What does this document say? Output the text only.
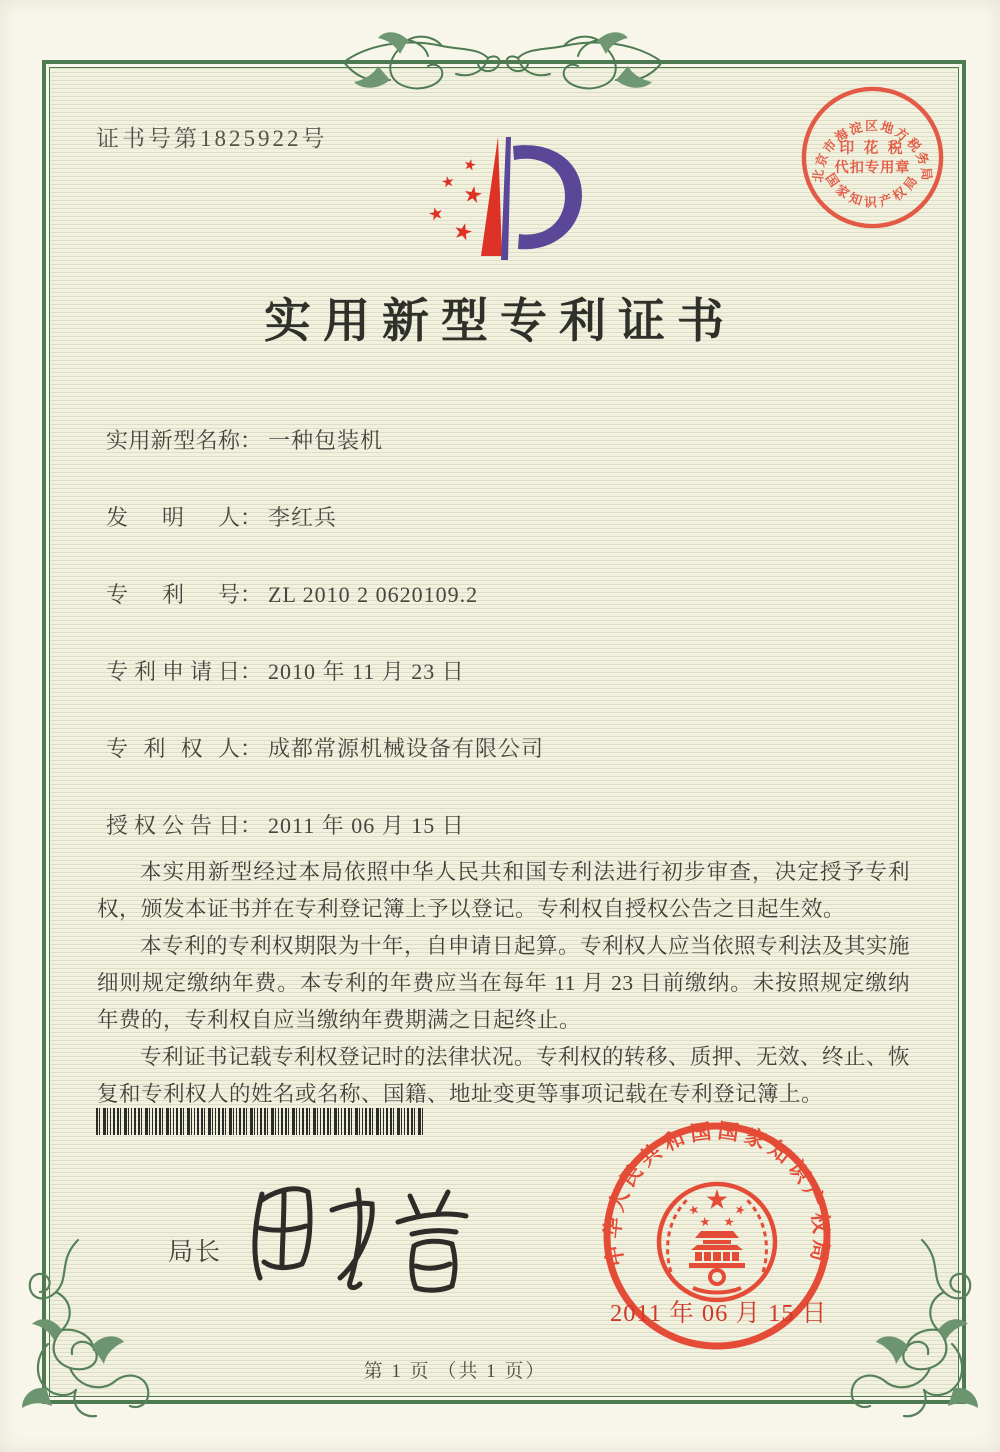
证书号第1825922号
北京市海淀区地方税务局
国家知识产权局
印 花 税
代扣专用章
实用新型专利证书
实用新型名称： 一种包装机
发明人： 李红兵
专利号： ZL 2010 2 0620109.2
专利申请日： 2010 年 11 月 23 日
专利权人： 成都常源机械设备有限公司
授权公告日： 2011 年 06 月 15 日

本实用新型经过本局依照中华人民共和国专利法进行初步审查，决定授予专利权，颁发本证书并在专利登记簿上予以登记。专利权自授权公告之日起生效。

本专利的专利权期限为十年，自申请日起算。专利权人应当依照专利法及其实施细则规定缴纳年费。本专利的年费应当在每年 11 月 23 日前缴纳。未按照规定缴纳年费的，专利权自应当缴纳年费期满之日起终止。

专利证书记载专利权登记时的法律状况。专利权的转移、质押、无效、终止、恢复和专利权人的姓名或名称、国籍、地址变更等事项记载在专利登记簿上。

局长	中华人民共和国国家知识产权局
2011 年 06 月 15 日
第 1 页 （共 1 页）
